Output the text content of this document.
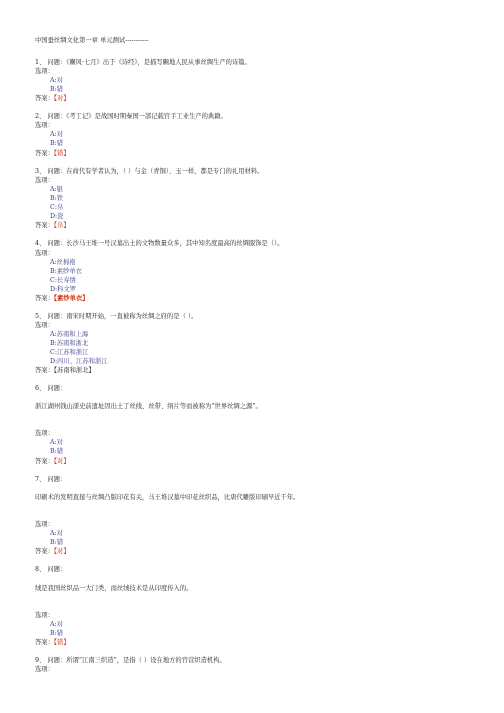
中国蚕丝绸文化第一章 单元测试-----------
1、 问题：《豳风·七月》出于《诗经》，是描写豳地人民从事丝绸生产的诗篇。
选项：
A:对
B:错
答案：【对】
2、 问题：《考工记》是战国时期秦国一部记载官手工业生产的典籍。
选项：
A:对
B:错
答案：【错】
3、 问题：在商代有学者认为，（ ）与金（青铜）、玉一样，都是专门的礼用材料。
选项：
A:银
B:铁
C:帛
D:瓷
答案：【帛】
4、 问题：长沙马王堆一号汉墓出土的文物数量众多，其中知名度最高的丝绸服饰是（）。
选项：
A:丝棉袍
B:素纱单衣
C:长寿绣
D:科文罗
答案：【素纱单衣】
5、 问题：南宋时期开始，一直被称为丝绸之府的是（ ）。
选项：
A:苏南和上海
B:苏南和浙北
C:江苏和浙江
D:四川、江苏和浙江
答案：【苏南和浙北】
6、 问题：
浙江湖州钱山漾史前遗址因出土了丝线、丝带、绢片等而被称为“世界丝绸之源”。
选项：
A:对
B:错
答案：【对】
7、 问题：
印刷术的发明直接与丝绸凸版印花有关，马王堆汉墓中印花丝织品，比唐代雕版印刷早近千年。
选项：
A:对
B:错
答案：【对】
8、 问题：
绒是我国丝织品一大门类，而丝绒技术是从印度传入的。
选项：
A:对
B:错
答案：【错】
9、 问题：所谓“江南三织造”，是指（ ）设在地方的官营织造机构。
选项：
